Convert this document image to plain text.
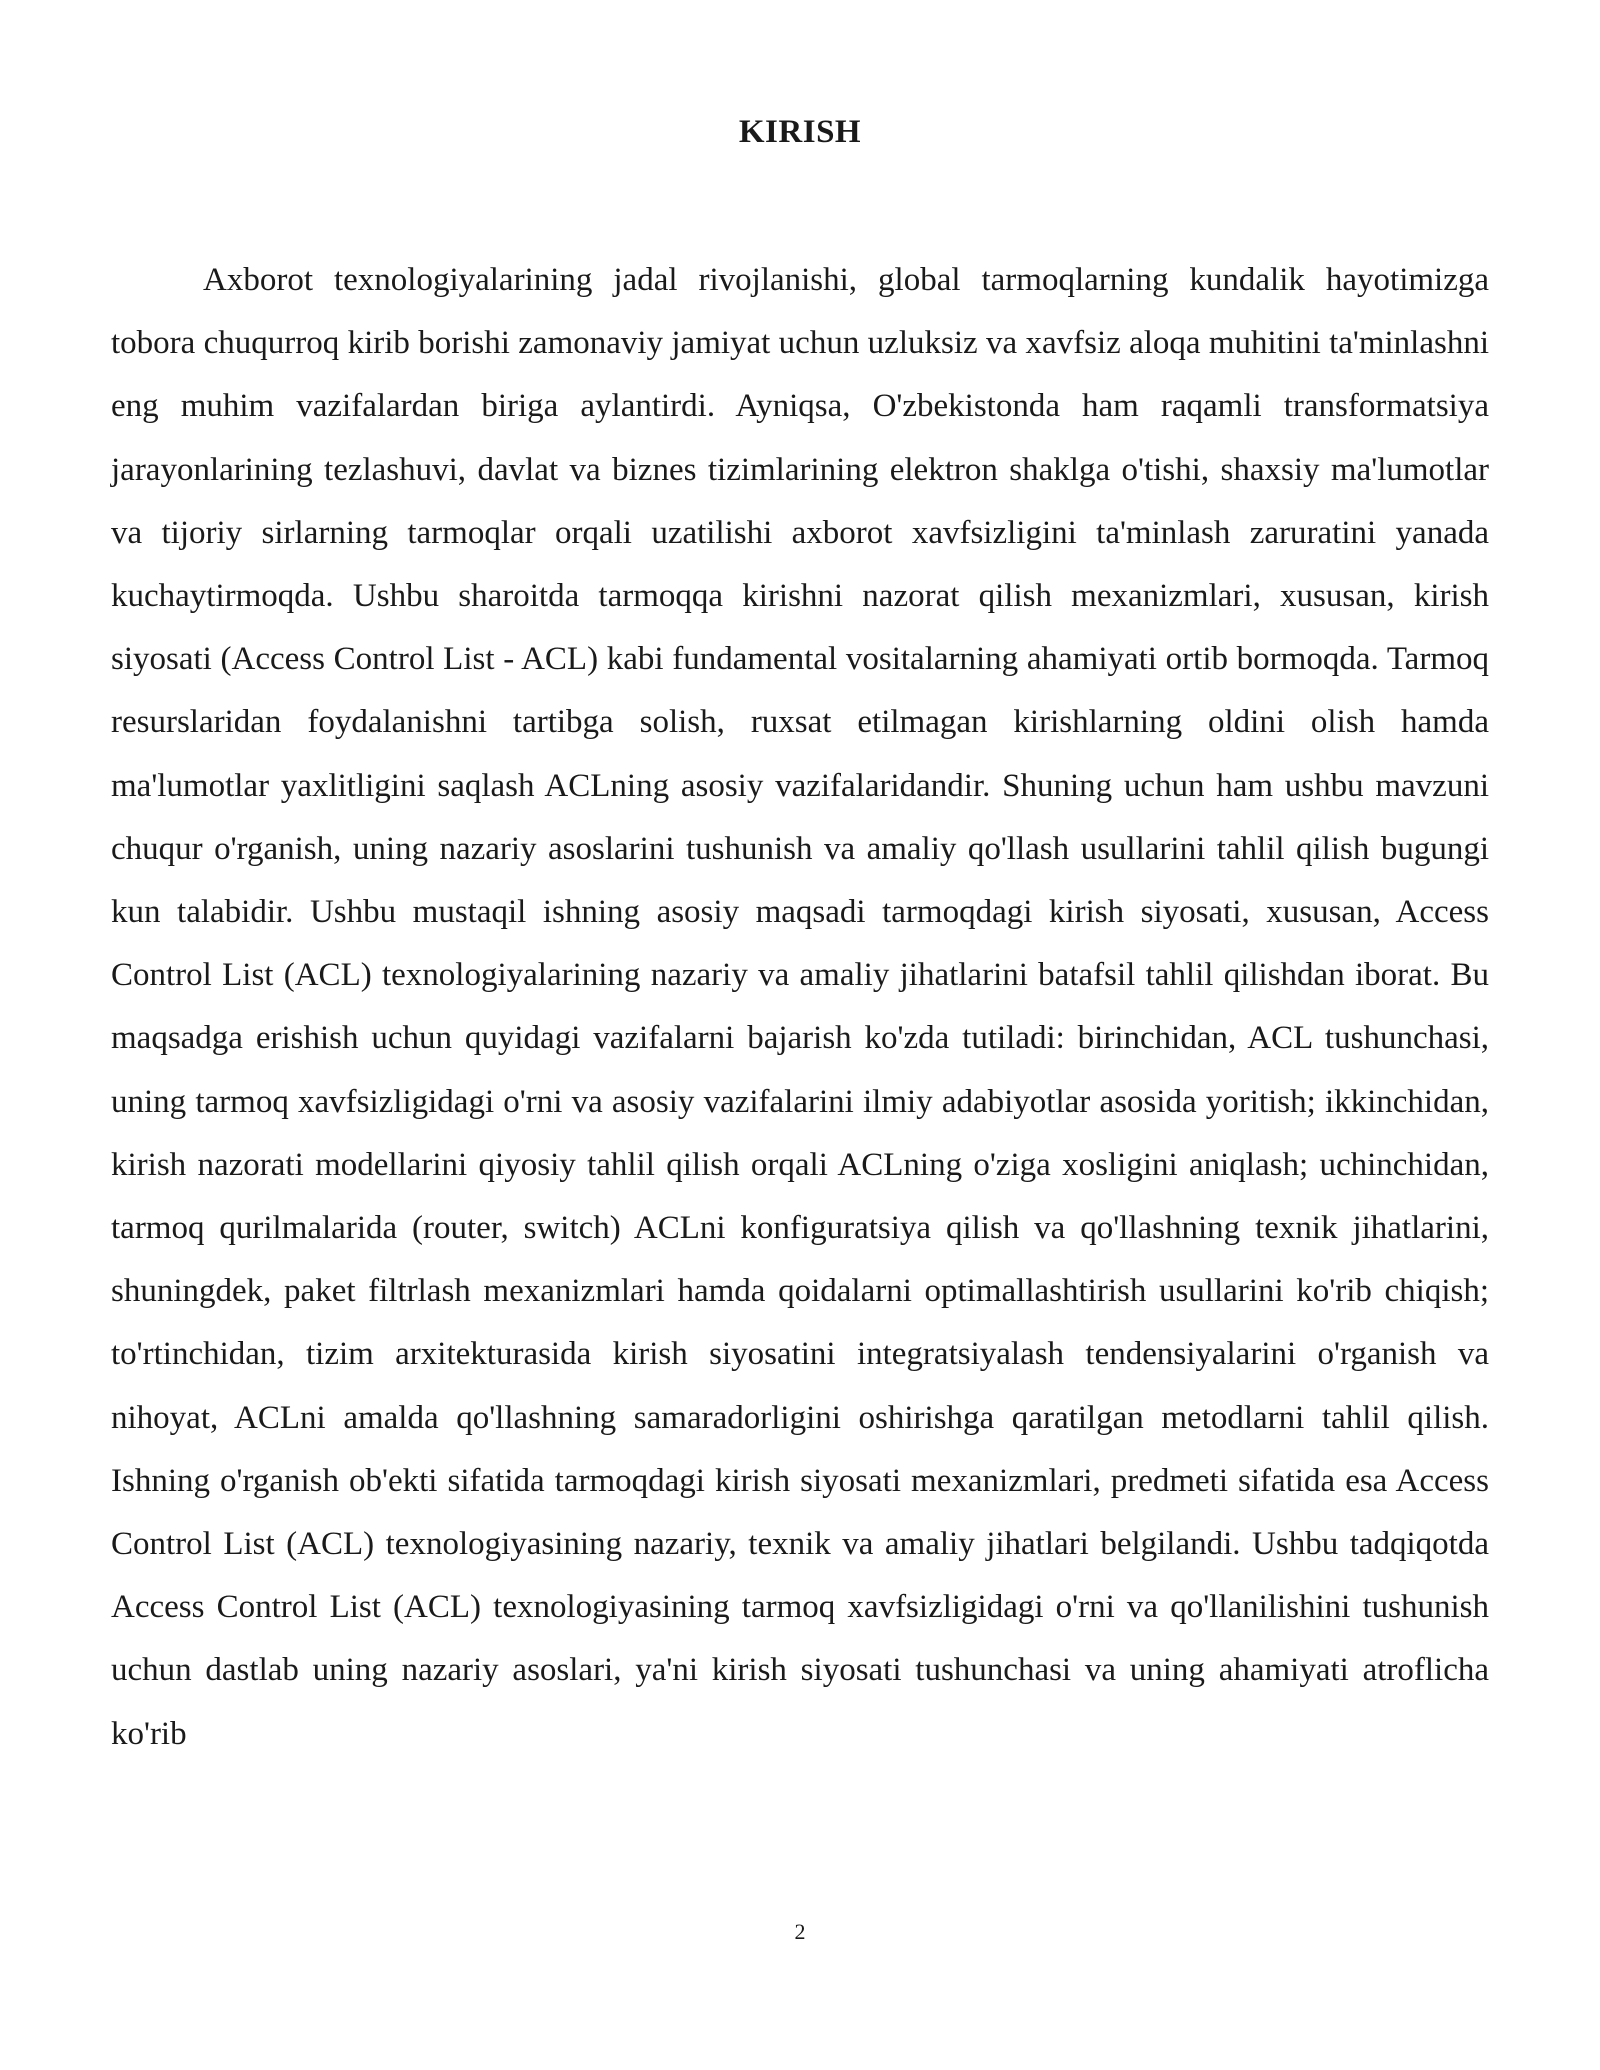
KIRISH

Axborot texnologiyalarining jadal rivojlanishi, global tarmoqlarning kundalik hayotimizga tobora chuqurroq kirib borishi zamonaviy jamiyat uchun uzluksiz va xavfsiz aloqa muhitini ta'minlashni eng muhim vazifalardan biriga aylantirdi. Ayniqsa, O'zbekistonda ham raqamli transformatsiya jarayonlarining tezlashuvi, davlat va biznes tizimlarining elektron shaklga o'tishi, shaxsiy ma'lumotlar va tijoriy sirlarning tarmoqlar orqali uzatilishi axborot xavfsizligini ta'minlash zaruratini yanada kuchaytirmoqda. Ushbu sharoitda tarmoqqa kirishni nazorat qilish mexanizmlari, xususan, kirish siyosati (Access Control List - ACL) kabi fundamental vositalarning ahamiyati ortib bormoqda. Tarmoq resurslaridan foydalanishni tartibga solish, ruxsat etilmagan kirishlarning oldini olish hamda ma'lumotlar yaxlitligini saqlash ACLning asosiy vazifalaridandir. Shuning uchun ham ushbu mavzuni chuqur o'rganish, uning nazariy asoslarini tushunish va amaliy qo'llash usullarini tahlil qilish bugungi kun talabidir. Ushbu mustaqil ishning asosiy maqsadi tarmoqdagi kirish siyosati, xususan, Access Control List (ACL) texnologiyalarining nazariy va amaliy jihatlarini batafsil tahlil qilishdan iborat. Bu maqsadga erishish uchun quyidagi vazifalarni bajarish ko'zda tutiladi: birinchidan, ACL tushunchasi, uning tarmoq xavfsizligidagi o'rni va asosiy vazifalarini ilmiy adabiyotlar asosida yoritish; ikkinchidan, kirish nazorati modellarini qiyosiy tahlil qilish orqali ACLning o'ziga xosligini aniqlash; uchinchidan, tarmoq qurilmalarida (router, switch) ACLni konfiguratsiya qilish va qo'llashning texnik jihatlarini, shuningdek, paket filtrlash mexanizmlari hamda qoidalarni optimallashtirish usullarini ko'rib chiqish; to'rtinchidan, tizim arxitekturasida kirish siyosatini integratsiyalash tendensiyalarini o'rganish va nihoyat, ACLni amalda qo'llashning samaradorligini oshirishga qaratilgan metodlarni tahlil qilish. Ishning o'rganish ob'ekti sifatida tarmoqdagi kirish siyosati mexanizmlari, predmeti sifatida esa Access Control List (ACL) texnologiyasining nazariy, texnik va amaliy jihatlari belgilandi. Ushbu tadqiqotda Access Control List (ACL) texnologiyasining tarmoq xavfsizligidagi o'rni va qo'llanilishini tushunish uchun dastlab uning nazariy asoslari, ya'ni kirish siyosati tushunchasi va uning ahamiyati atroflicha ko'rib

2
